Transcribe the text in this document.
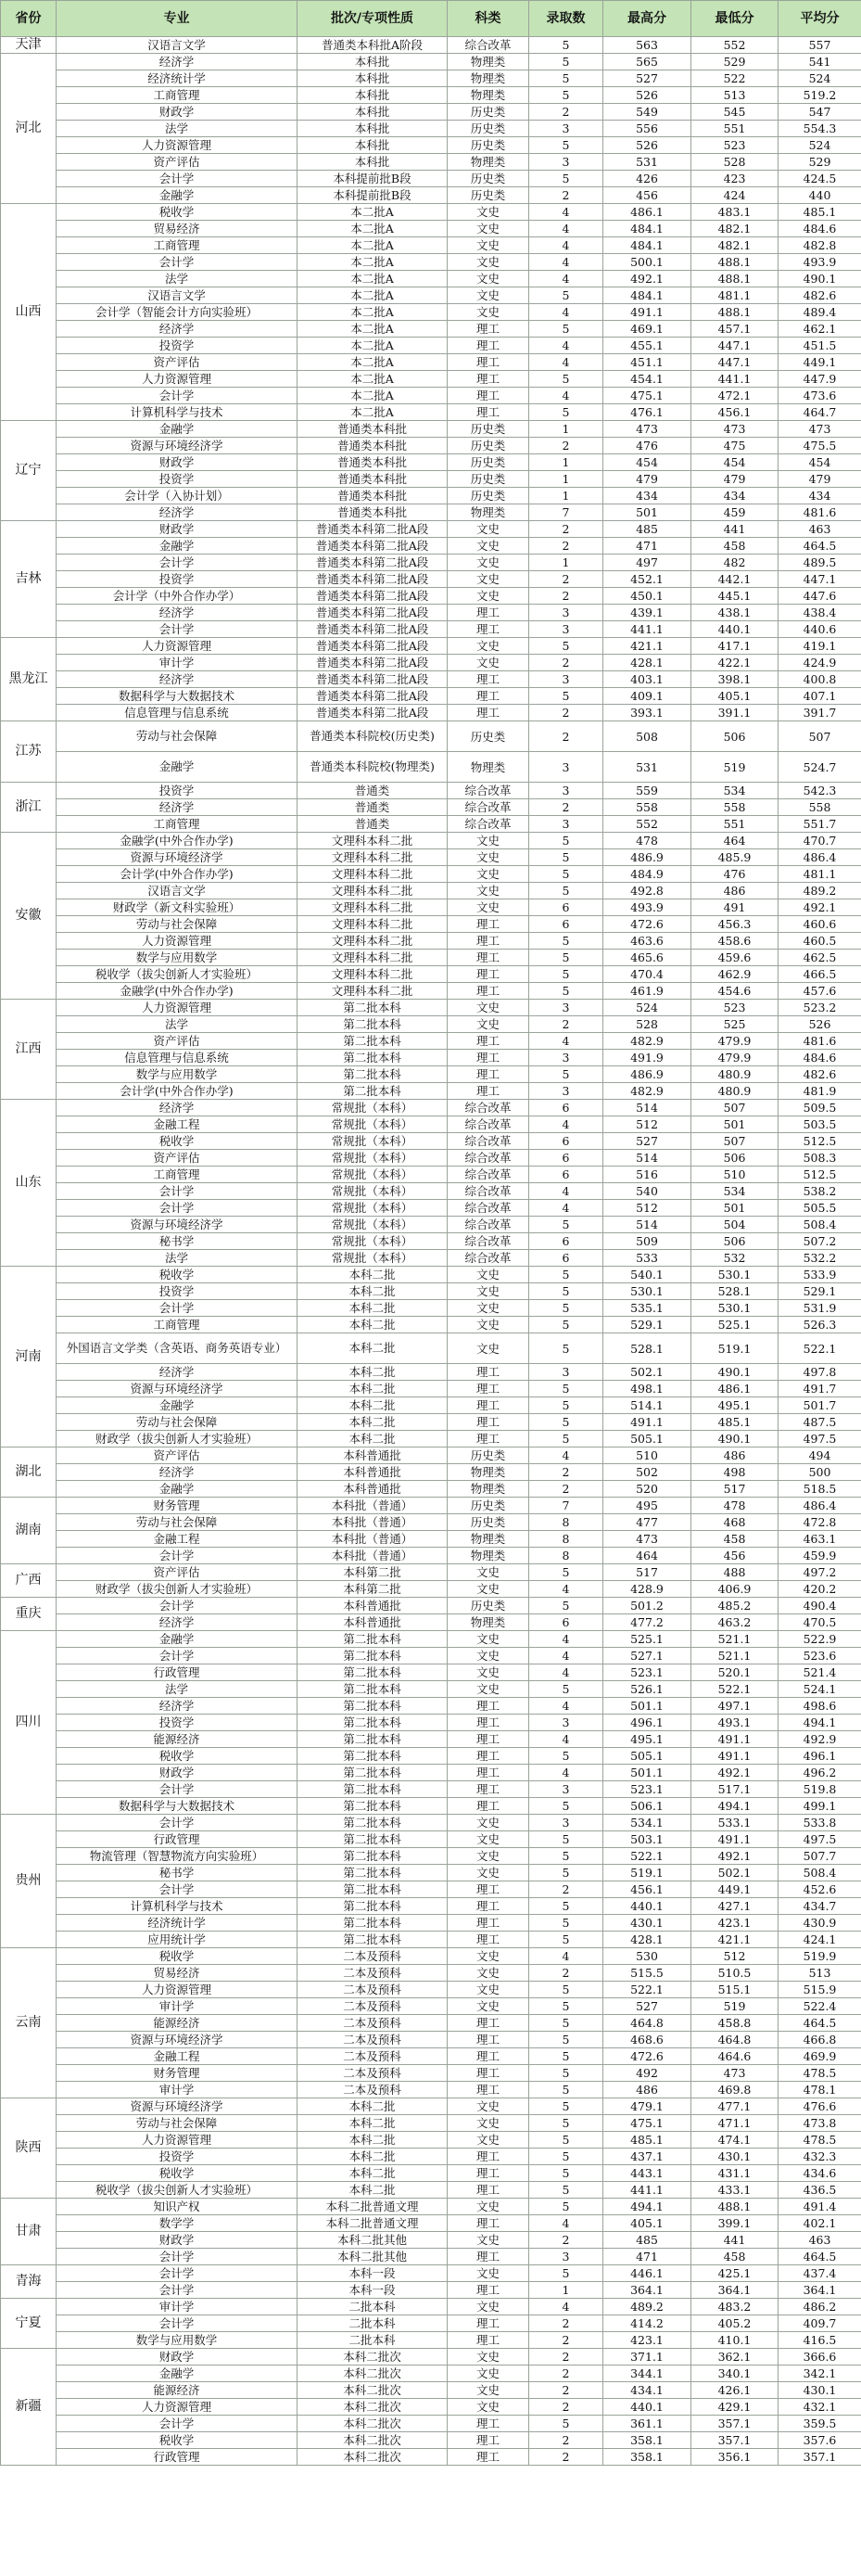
省份	专业	批次/专项性质	科类	录取数	最高分	最低分	平均分
天津	汉语言文学	普通类本科批A阶段	综合改革	5	563	552	557
河北	经济学	本科批	物理类	5	565	529	541
	经济统计学	本科批	物理类	5	527	522	524
	工商管理	本科批	物理类	5	526	513	519.2
	财政学	本科批	历史类	2	549	545	547
	法学	本科批	历史类	3	556	551	554.3
	人力资源管理	本科批	历史类	5	526	523	524
	资产评估	本科批	物理类	3	531	528	529
	会计学	本科提前批B段	历史类	5	426	423	424.5
	金融学	本科提前批B段	历史类	2	456	424	440
山西	税收学	本二批A	文史	4	486.1	483.1	485.1
	贸易经济	本二批A	文史	4	484.1	482.1	484.6
	工商管理	本二批A	文史	4	484.1	482.1	482.8
	会计学	本二批A	文史	4	500.1	488.1	493.9
	法学	本二批A	文史	4	492.1	488.1	490.1
	汉语言文学	本二批A	文史	5	484.1	481.1	482.6
	会计学（智能会计方向实验班）	本二批A	文史	4	491.1	488.1	489.4
	经济学	本二批A	理工	5	469.1	457.1	462.1
	投资学	本二批A	理工	4	455.1	447.1	451.5
	资产评估	本二批A	理工	4	451.1	447.1	449.1
	人力资源管理	本二批A	理工	5	454.1	441.1	447.9
	会计学	本二批A	理工	4	475.1	472.1	473.6
	计算机科学与技术	本二批A	理工	5	476.1	456.1	464.7
辽宁	金融学	普通类本科批	历史类	1	473	473	473
	资源与环境经济学	普通类本科批	历史类	2	476	475	475.5
	财政学	普通类本科批	历史类	1	454	454	454
	投资学	普通类本科批	历史类	1	479	479	479
	会计学（入协计划）	普通类本科批	历史类	1	434	434	434
	经济学	普通类本科批	物理类	7	501	459	481.6
吉林	财政学	普通类本科第二批A段	文史	2	485	441	463
	金融学	普通类本科第二批A段	文史	2	471	458	464.5
	会计学	普通类本科第二批A段	文史	1	497	482	489.5
	投资学	普通类本科第二批A段	文史	2	452.1	442.1	447.1
	会计学（中外合作办学）	普通类本科第二批A段	文史	2	450.1	445.1	447.6
	经济学	普通类本科第二批A段	理工	3	439.1	438.1	438.4
	会计学	普通类本科第二批A段	理工	3	441.1	440.1	440.6
黑龙江	人力资源管理	普通类本科第二批A段	文史	5	421.1	417.1	419.1
	审计学	普通类本科第二批A段	文史	2	428.1	422.1	424.9
	经济学	普通类本科第二批A段	理工	3	403.1	398.1	400.8
	数据科学与大数据技术	普通类本科第二批A段	理工	5	409.1	405.1	407.1
	信息管理与信息系统	普通类本科第二批A段	理工	2	393.1	391.1	391.7
江苏	劳动与社会保障	普通类本科院校(历史类)	历史类	2	508	506	507
	金融学	普通类本科院校(物理类)	物理类	3	531	519	524.7
浙江	投资学	普通类	综合改革	3	559	534	542.3
	经济学	普通类	综合改革	2	558	558	558
	工商管理	普通类	综合改革	3	552	551	551.7
安徽	金融学(中外合作办学)	文理科本科二批	文史	5	478	464	470.7
	资源与环境经济学	文理科本科二批	文史	5	486.9	485.9	486.4
	会计学(中外合作办学)	文理科本科二批	文史	5	484.9	476	481.1
	汉语言文学	文理科本科二批	文史	5	492.8	486	489.2
	财政学（新文科实验班）	文理科本科二批	文史	6	493.9	491	492.1
	劳动与社会保障	文理科本科二批	理工	6	472.6	456.3	460.6
	人力资源管理	文理科本科二批	理工	5	463.6	458.6	460.5
	数学与应用数学	文理科本科二批	理工	5	465.6	459.6	462.5
	税收学（拔尖创新人才实验班）	文理科本科二批	理工	5	470.4	462.9	466.5
	金融学(中外合作办学)	文理科本科二批	理工	5	461.9	454.6	457.6
江西	人力资源管理	第二批本科	文史	3	524	523	523.2
	法学	第二批本科	文史	2	528	525	526
	资产评估	第二批本科	理工	4	482.9	479.9	481.6
	信息管理与信息系统	第二批本科	理工	3	491.9	479.9	484.6
	数学与应用数学	第二批本科	理工	5	486.9	480.9	482.6
	会计学(中外合作办学)	第二批本科	理工	3	482.9	480.9	481.9
山东	经济学	常规批（本科）	综合改革	6	514	507	509.5
	金融工程	常规批（本科）	综合改革	4	512	501	503.5
	税收学	常规批（本科）	综合改革	6	527	507	512.5
	资产评估	常规批（本科）	综合改革	6	514	506	508.3
	工商管理	常规批（本科）	综合改革	6	516	510	512.5
	会计学	常规批（本科）	综合改革	4	540	534	538.2
	会计学	常规批（本科）	综合改革	4	512	501	505.5
	资源与环境经济学	常规批（本科）	综合改革	5	514	504	508.4
	秘书学	常规批（本科）	综合改革	6	509	506	507.2
	法学	常规批（本科）	综合改革	6	533	532	532.2
河南	税收学	本科二批	文史	5	540.1	530.1	533.9
	投资学	本科二批	文史	5	530.1	528.1	529.1
	会计学	本科二批	文史	5	535.1	530.1	531.9
	工商管理	本科二批	文史	5	529.1	525.1	526.3
	外国语言文学类（含英语、商务英语专业）	本科二批	文史	5	528.1	519.1	522.1
	经济学	本科二批	理工	3	502.1	490.1	497.8
	资源与环境经济学	本科二批	理工	5	498.1	486.1	491.7
	金融学	本科二批	理工	5	514.1	495.1	501.7
	劳动与社会保障	本科二批	理工	5	491.1	485.1	487.5
	财政学（拔尖创新人才实验班）	本科二批	理工	5	505.1	490.1	497.5
湖北	资产评估	本科普通批	历史类	4	510	486	494
	经济学	本科普通批	物理类	2	502	498	500
	金融学	本科普通批	物理类	2	520	517	518.5
湖南	财务管理	本科批（普通）	历史类	7	495	478	486.4
	劳动与社会保障	本科批（普通）	历史类	8	477	468	472.8
	金融工程	本科批（普通）	物理类	8	473	458	463.1
	会计学	本科批（普通）	物理类	8	464	456	459.9
广西	资产评估	本科第二批	文史	5	517	488	497.2
	财政学（拔尖创新人才实验班）	本科第二批	文史	4	428.9	406.9	420.2
重庆	会计学	本科普通批	历史类	5	501.2	485.2	490.4
	经济学	本科普通批	物理类	6	477.2	463.2	470.5
四川	金融学	第二批本科	文史	4	525.1	521.1	522.9
	会计学	第二批本科	文史	4	527.1	521.1	523.6
	行政管理	第二批本科	文史	4	523.1	520.1	521.4
	法学	第二批本科	文史	5	526.1	522.1	524.1
	经济学	第二批本科	理工	4	501.1	497.1	498.6
	投资学	第二批本科	理工	3	496.1	493.1	494.1
	能源经济	第二批本科	理工	4	495.1	491.1	492.9
	税收学	第二批本科	理工	5	505.1	491.1	496.1
	财政学	第二批本科	理工	4	501.1	492.1	496.2
	会计学	第二批本科	理工	3	523.1	517.1	519.8
	数据科学与大数据技术	第二批本科	理工	5	506.1	494.1	499.1
贵州	会计学	第二批本科	文史	3	534.1	533.1	533.8
	行政管理	第二批本科	文史	5	503.1	491.1	497.5
	物流管理（智慧物流方向实验班）	第二批本科	文史	5	522.1	492.1	507.7
	秘书学	第二批本科	文史	5	519.1	502.1	508.4
	会计学	第二批本科	理工	2	456.1	449.1	452.6
	计算机科学与技术	第二批本科	理工	5	440.1	427.1	434.7
	经济统计学	第二批本科	理工	5	430.1	423.1	430.9
	应用统计学	第二批本科	理工	5	428.1	421.1	424.1
云南	税收学	二本及预科	文史	4	530	512	519.9
	贸易经济	二本及预科	文史	2	515.5	510.5	513
	人力资源管理	二本及预科	文史	5	522.1	515.1	515.9
	审计学	二本及预科	文史	5	527	519	522.4
	能源经济	二本及预科	理工	5	464.8	458.8	464.5
	资源与环境经济学	二本及预科	理工	5	468.6	464.8	466.8
	金融工程	二本及预科	理工	5	472.6	464.6	469.9
	财务管理	二本及预科	理工	5	492	473	478.5
	审计学	二本及预科	理工	5	486	469.8	478.1
陕西	资源与环境经济学	本科二批	文史	5	479.1	477.1	476.6
	劳动与社会保障	本科二批	文史	5	475.1	471.1	473.8
	人力资源管理	本科二批	文史	5	485.1	474.1	478.5
	投资学	本科二批	理工	5	437.1	430.1	432.3
	税收学	本科二批	理工	5	443.1	431.1	434.6
	税收学（拔尖创新人才实验班）	本科二批	理工	5	441.1	433.1	436.5
甘肃	知识产权	本科二批普通文理	文史	5	494.1	488.1	491.4
	数学学	本科二批普通文理	理工	4	405.1	399.1	402.1
	财政学	本科二批其他	文史	2	485	441	463
	会计学	本科二批其他	理工	3	471	458	464.5
青海	会计学	本科一段	文史	5	446.1	425.1	437.4
	会计学	本科一段	理工	1	364.1	364.1	364.1
宁夏	审计学	二批本科	文史	4	489.2	483.2	486.2
	会计学	二批本科	理工	2	414.2	405.2	409.7
	数学与应用数学	二批本科	理工	2	423.1	410.1	416.5
新疆	财政学	本科二批次	文史	2	371.1	362.1	366.6
	金融学	本科二批次	文史	2	344.1	340.1	342.1
	能源经济	本科二批次	文史	2	434.1	426.1	430.1
	人力资源管理	本科二批次	文史	2	440.1	429.1	432.1
	会计学	本科二批次	理工	5	361.1	357.1	359.5
	税收学	本科二批次	理工	2	358.1	357.1	357.6
	行政管理	本科二批次	理工	2	358.1	356.1	357.1
